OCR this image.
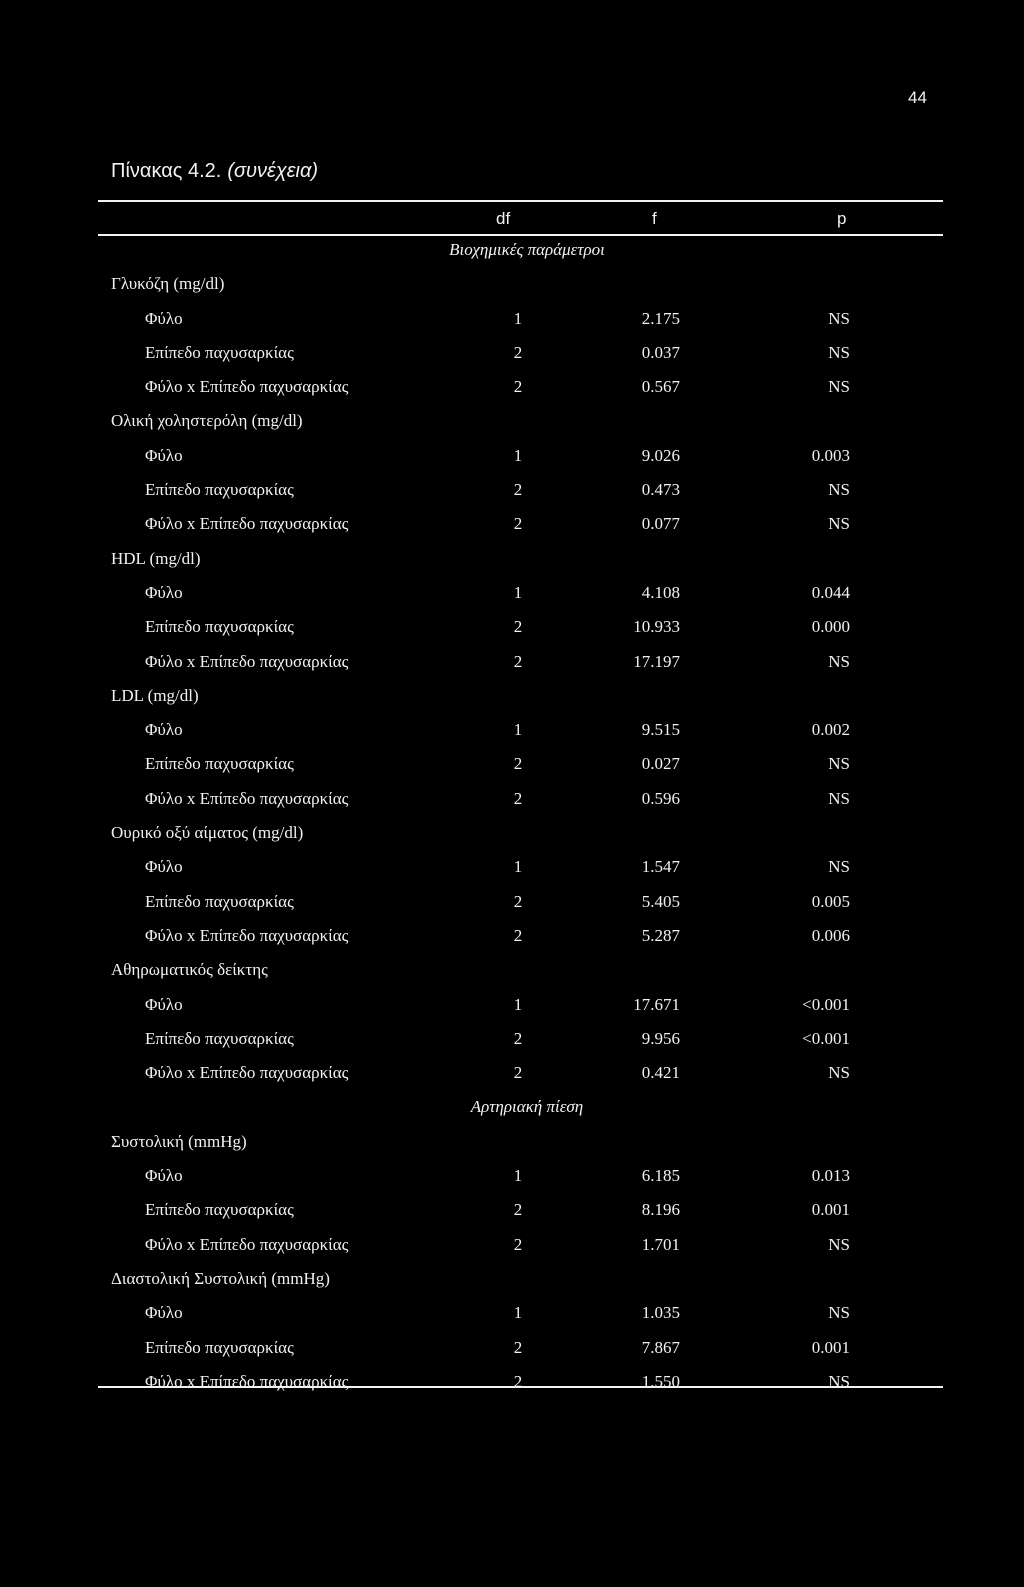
44
Πίνακας 4.2. (συνέχεια)
df	f	p
Βιοχημικές παράμετροι
Γλυκόζη (mg/dl)
Φύλο	1	2.175	NS
Επίπεδο παχυσαρκίας	2	0.037	NS
Φύλο x Επίπεδο παχυσαρκίας	2	0.567	NS
Ολική χοληστερόλη (mg/dl)
Φύλο	1	9.026	0.003
Επίπεδο παχυσαρκίας	2	0.473	NS
Φύλο x Επίπεδο παχυσαρκίας	2	0.077	NS
HDL (mg/dl)
Φύλο	1	4.108	0.044
Επίπεδο παχυσαρκίας	2	10.933	0.000
Φύλο x Επίπεδο παχυσαρκίας	2	17.197	NS
LDL (mg/dl)
Φύλο	1	9.515	0.002
Επίπεδο παχυσαρκίας	2	0.027	NS
Φύλο x Επίπεδο παχυσαρκίας	2	0.596	NS
Ουρικό οξύ αίματος (mg/dl)
Φύλο	1	1.547	NS
Επίπεδο παχυσαρκίας	2	5.405	0.005
Φύλο x Επίπεδο παχυσαρκίας	2	5.287	0.006
Αθηρωματικός δείκτης
Φύλο	1	17.671	<0.001
Επίπεδο παχυσαρκίας	2	9.956	<0.001
Φύλο x Επίπεδο παχυσαρκίας	2	0.421	NS
Αρτηριακή πίεση
Συστολική (mmHg)
Φύλο	1	6.185	0.013
Επίπεδο παχυσαρκίας	2	8.196	0.001
Φύλο x Επίπεδο παχυσαρκίας	2	1.701	NS
Διαστολική Συστολική (mmHg)
Φύλο	1	1.035	NS
Επίπεδο παχυσαρκίας	2	7.867	0.001
Φύλο x Επίπεδο παχυσαρκίας	2	1.550	NS
